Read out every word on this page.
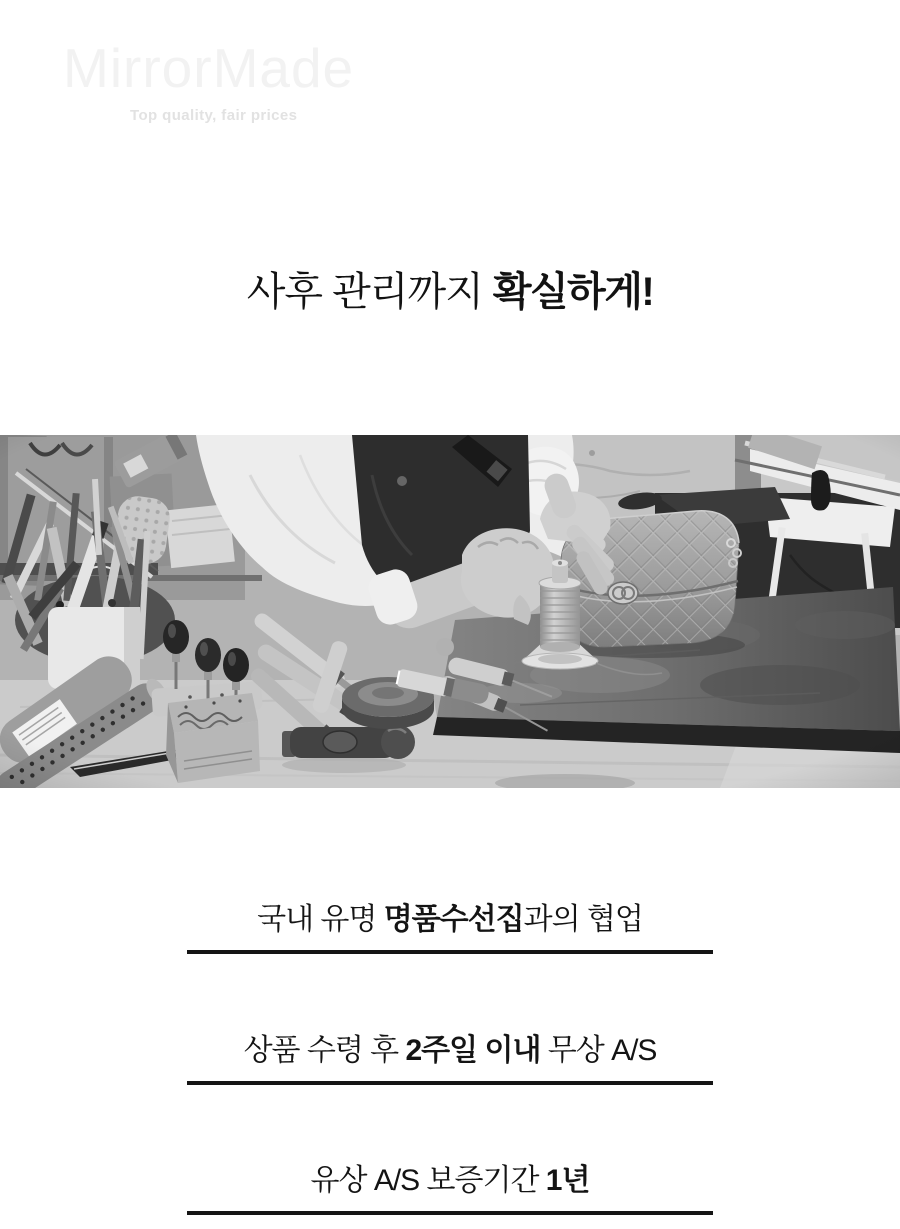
MirrorMade
Top quality, fair prices
사후 관리까지 확실하게!

국내 유명 명품수선집과의 협업

상품 수령 후 2주일 이내 무상 A/S

유상 A/S 보증기간 1년
